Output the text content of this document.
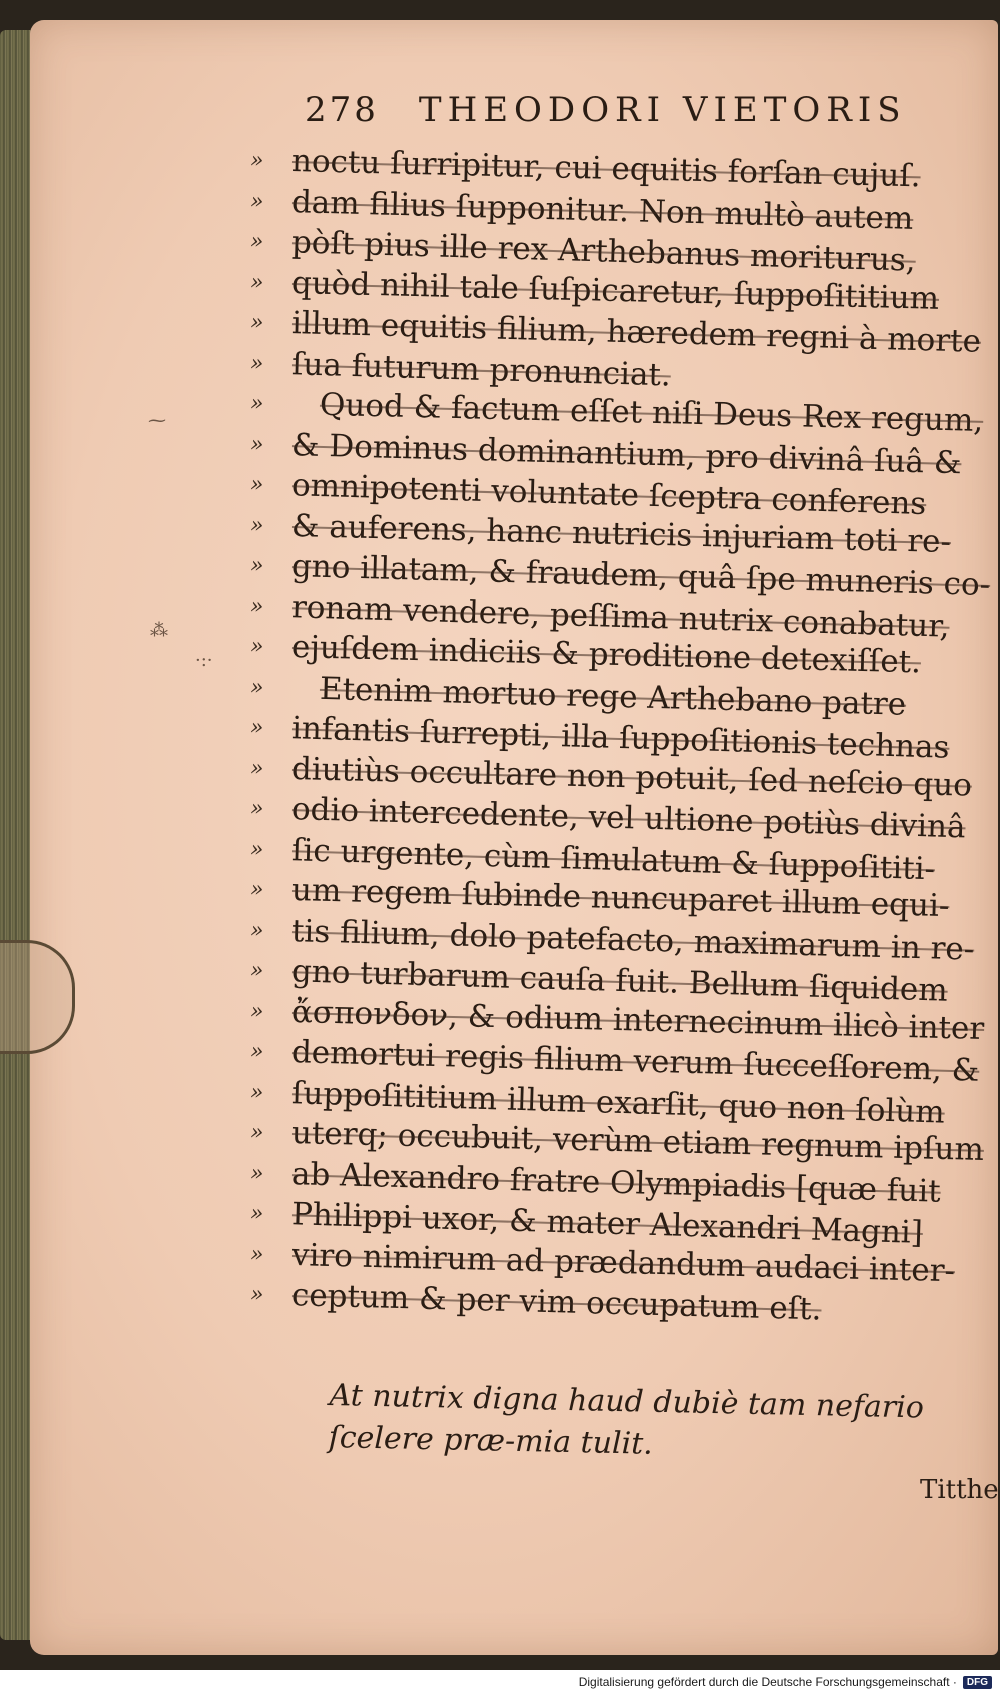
278 THEODORI VIETORIS
» noctu ſurripitur, cui equitis forſan cujuſ.
» dam filius ſupponitur. Non multò autem
» pòſt pius ille rex Arthebanus moriturus,
» quòd nihil tale ſuſpicaretur, ſuppoſititium
» illum equitis filium, hæredem regni à morte
» ſua futurum pronunciat.
»	Quod & factum eſſet niſi Deus Rex regum,
» & Dominus dominantium, pro divinâ ſuâ &
» omnipotenti voluntate ſceptra conferens
» & auferens, hanc nutricis injuriam toti re-
» gno illatam, & fraudem, quâ ſpe muneris co-
» ronam vendere, peſſima nutrix conabatur,
» ejuſdem indiciis & proditione detexiſſet.
»	Etenim mortuo rege Arthebano patre
» infantis ſurrepti, illa ſuppoſitionis technas
» diutiùs occultare non potuit, ſed neſcio quo
» odio intercedente, vel ultione potiùs divinâ
» ſic urgente, cùm ſimulatum & ſuppoſititi-
» um regem ſubinde nuncuparet illum equi-
» tis filium, dolo patefacto, maximarum in re-
» gno turbarum cauſa fuit. Bellum ſiquidem
» ἄσπονδον, & odium internecinum ilicò inter
» demortui regis filium verum ſucceſſorem, &
» ſuppoſititium illum exarſit, quo non ſolùm
» uterq; occubuit, verùm etiam regnum ipſum
» ab Alexandro fratre Olympiadis [quæ fuit
» Philippi uxor, & mater Alexandri Magni]
» viro nimirum ad prædandum audaci inter-
» ceptum & per vim occupatum eſt.
At nutrix digna haud dubiè tam nefario ſcelere præ-mia tulit.
Titthe
⁓
⁂
·:·
Digitalisierung gefördert durch die Deutsche Forschungsgemeinschaft ·	DFG
